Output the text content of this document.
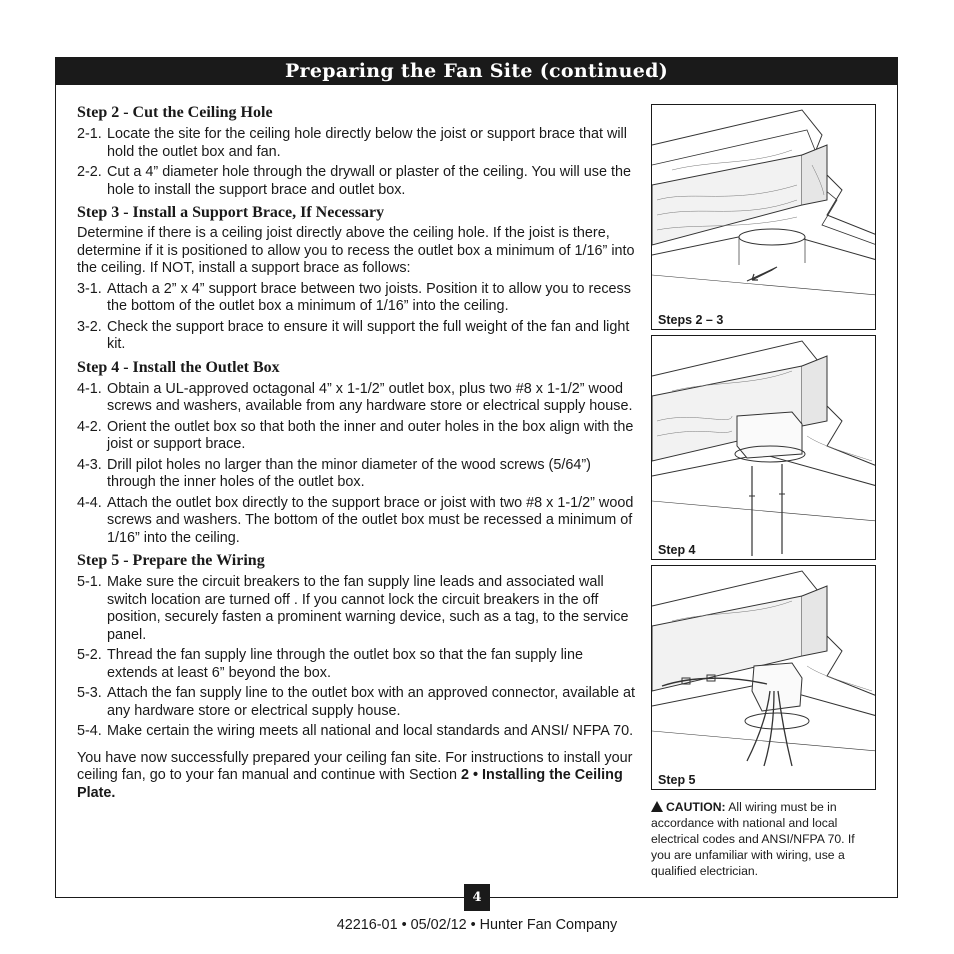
Preparing the Fan Site (continued)
Step 2 - Cut the Ceiling Hole
2-1. Locate the site for the ceiling hole directly below the joist or support brace that will hold the outlet box and fan.
2-2. Cut a 4” diameter hole through the drywall or plaster of the ceiling. You will use the hole to install the support brace and outlet box.
Step 3 - Install a Support Brace, If Necessary
Determine if there is a ceiling joist directly above the ceiling hole. If the joist is there, determine if it is positioned to allow you to recess the outlet box a minimum of 1/16” into the ceiling. If NOT, install a support brace as follows:
3-1. Attach a 2” x 4” support brace between two joists. Position it to allow you to recess the bottom of the outlet box a minimum of 1/16” into the ceiling.
3-2. Check the support brace to ensure it will support the full weight of the fan and light kit.
Step 4 - Install the Outlet Box
4-1. Obtain a UL-approved octagonal 4” x 1-1/2” outlet box, plus two #8 x 1-1/2” wood screws and washers, available from any hardware store or electrical supply house.
4-2. Orient the outlet box so that both the inner and outer holes in the box align with the joist or support brace.
4-3. Drill pilot holes no larger than the minor diameter of the wood screws (5/64”) through the inner holes of the outlet box.
4-4. Attach the outlet box directly to the support brace or joist with two #8 x 1-1/2” wood screws and washers. The bottom of the outlet box must be recessed a minimum of 1/16” into the ceiling.
Step 5 - Prepare the Wiring
5-1. Make sure the circuit breakers to the fan supply line leads and associated wall switch location are turned off . If you cannot lock the circuit breakers in the off position, securely fasten a prominent warning device, such as a tag, to the service panel.
5-2. Thread the fan supply line through the outlet box so that the fan supply line extends at least 6” beyond the box.
5-3. Attach the fan supply line to the outlet box with an approved connector, available at any hardware store or electrical supply house.
5-4. Make certain the wiring meets all national and local standards and ANSI/ NFPA 70.
You have now successfully prepared your ceiling fan site. For instructions to install your ceiling fan, go to your fan manual and continue with Section 2 • Installing the Ceiling Plate.
Steps 2 – 3
Step 4
Step 5
CAUTION: All wiring must be in accordance with national and local electrical codes and ANSI/NFPA 70. If you are unfamiliar with wiring, use a qualified electrician.
4
42216-01 • 05/02/12 • Hunter Fan Company
